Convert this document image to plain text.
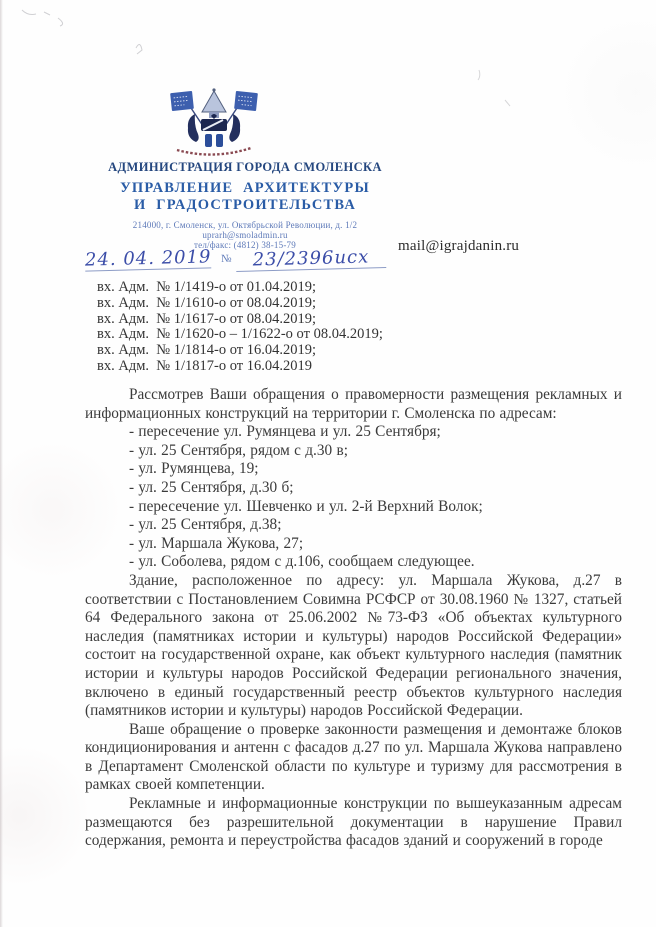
АДМИНИСТРАЦИЯ ГОРОДА СМОЛЕНСКА
УПРАВЛЕНИЕ АРХИТЕКТУРЫ
И ГРАДОСТРОИТЕЛЬСТВА
214000, г. Смоленск, ул. Октябрьской Революции, д. 1/2
uprarh@smoladmin.ru
тел/факс: (4812) 38-15-79
24. 04. 2019 № 23/2396исх
mail@igrajdanin.ru
вх. Адм.  № 1/1419-о от 01.04.2019;
вх. Адм.  № 1/1610-о от 08.04.2019;
вх. Адм.  № 1/1617-о от 08.04.2019;
вх. Адм.  № 1/1620-о – 1/1622-о от 08.04.2019;
вх. Адм.  № 1/1814-о от 16.04.2019;
вх. Адм.  № 1/1817-о от 16.04.2019

Рассмотрев Ваши обращения о правомерности размещения рекламных и информационных конструкций на территории г. Смоленска по адресам:

- пересечение ул. Румянцева и ул. 25 Сентября;
- ул. 25 Сентября, рядом с д.30 в;
- ул. Румянцева, 19;
- ул. 25 Сентября, д.30 б;
- пересечение ул. Шевченко и ул. 2-й Верхний Волок;
- ул. 25 Сентября, д.38;
- ул. Маршала Жукова, 27;
- ул. Соболева, рядом с д.106, сообщаем следующее.

Здание, расположенное по адресу: ул. Маршала Жукова, д.27 в соответствии с Постановлением Совимна РСФСР от 30.08.1960 № 1327, статьей 64 Федерального закона от 25.06.2002 №73-ФЗ «Об объектах культурного наследия (памятниках истории и культуры) народов Российской Федерации» состоит на государственной охране, как объект культурного наследия (памятник истории и культуры народов Российской Федерации регионального значения, включено в единый государственный реестр объектов культурного наследия (памятников истории и культуры) народов Российской Федерации.

Ваше обращение о проверке законности размещения и демонтаже блоков кондиционирования и антенн с фасадов д.27 по ул. Маршала Жукова направлено в Департамент Смоленской области по культуре и туризму для рассмотрения в рамках своей компетенции.

Рекламные и информационные конструкции по вышеуказанным адресам размещаются без разрешительной документации в нарушение Правил содержания, ремонта и переустройства фасадов зданий и сооружений в городе
